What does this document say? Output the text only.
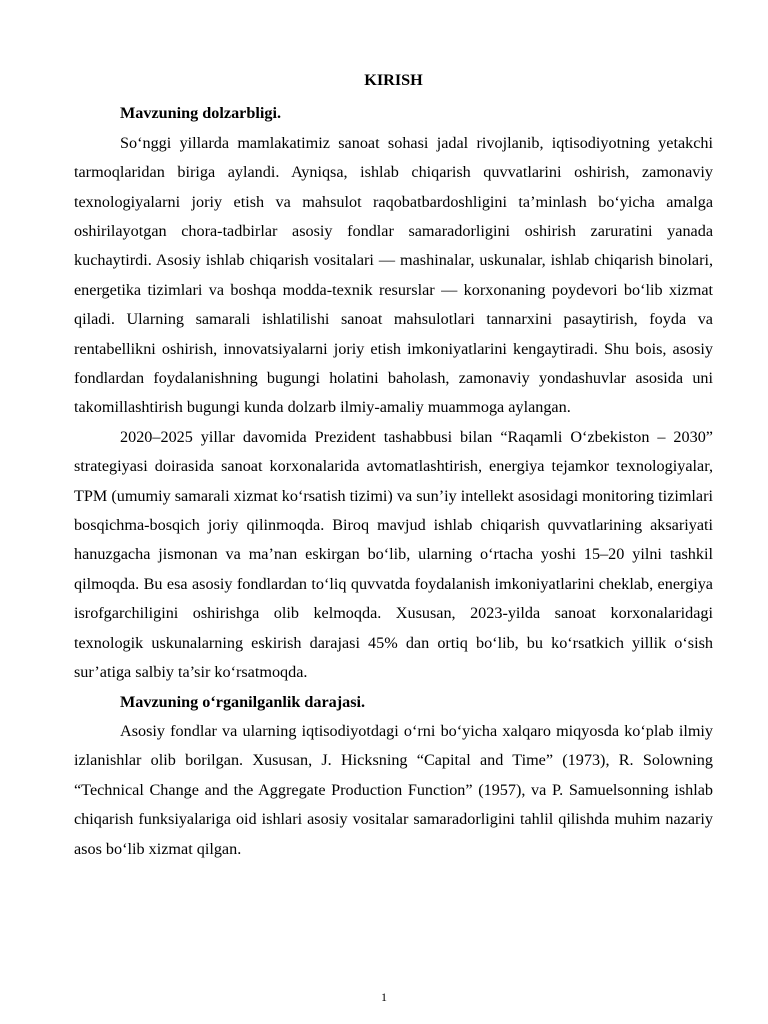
KIRISH

Mavzuning dolzarbligi.

So‘nggi yillarda mamlakatimiz sanoat sohasi jadal rivojlanib, iqtisodiyotning yetakchi tarmoqlaridan biriga aylandi. Ayniqsa, ishlab chiqarish quvvatlarini oshirish, zamonaviy texnologiyalarni joriy etish va mahsulot raqobatbardoshligini ta’minlash bo‘yicha amalga oshirilayotgan chora-tadbirlar asosiy fondlar samaradorligini oshirish zaruratini yanada kuchaytirdi. Asosiy ishlab chiqarish vositalari — mashinalar, uskunalar, ishlab chiqarish binolari, energetika tizimlari va boshqa modda-texnik resurslar — korxonaning poydevori bo‘lib xizmat qiladi. Ularning samarali ishlatilishi sanoat mahsulotlari tannarxini pasaytirish, foyda va rentabellikni oshirish, innovatsiyalarni joriy etish imkoniyatlarini kengaytiradi. Shu bois, asosiy fondlardan foydalanishning bugungi holatini baholash, zamonaviy yondashuvlar asosida uni takomillashtirish bugungi kunda dolzarb ilmiy-amaliy muammoga aylangan.

2020–2025 yillar davomida Prezident tashabbusi bilan “Raqamli O‘zbekiston – 2030” strategiyasi doirasida sanoat korxonalarida avtomatlashtirish, energiya tejamkor texnologiyalar, TPM (umumiy samarali xizmat ko‘rsatish tizimi) va sun’iy intellekt asosidagi monitoring tizimlari bosqichma-bosqich joriy qilinmoqda. Biroq mavjud ishlab chiqarish quvvatlarining aksariyati hanuzgacha jismonan va ma’nan eskirgan bo‘lib, ularning o‘rtacha yoshi 15–20 yilni tashkil qilmoqda. Bu esa asosiy fondlardan to‘liq quvvatda foydalanish imkoniyatlarini cheklab, energiya isrofgarchiligini oshirishga olib kelmoqda. Xususan, 2023-yilda sanoat korxonalaridagi texnologik uskunalarning eskirish darajasi 45% dan ortiq bo‘lib, bu ko‘rsatkich yillik o‘sish sur’atiga salbiy ta’sir ko‘rsatmoqda.

Mavzuning o‘rganilganlik darajasi.

Asosiy fondlar va ularning iqtisodiyotdagi o‘rni bo‘yicha xalqaro miqyosda ko‘plab ilmiy izlanishlar olib borilgan. Xususan, J. Hicksning “Capital and Time” (1973), R. Solowning “Technical Change and the Aggregate Production Function” (1957), va P. Samuelsonning ishlab chiqarish funksiyalariga oid ishlari asosiy vositalar samaradorligini tahlil qilishda muhim nazariy asos bo‘lib xizmat qilgan.

1
